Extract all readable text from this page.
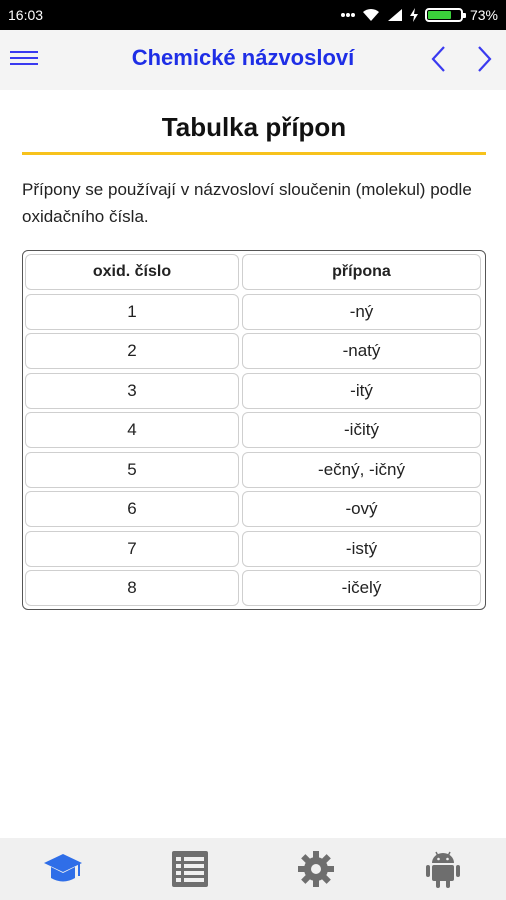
16:03	73%
Chemické názvosloví
Tabulka přípon
Přípony se používají v názvosloví sloučenin (molekul) podle oxidačního čísla.
oxid. číslo	přípona
1	-ný
2	-natý
3	-itý
4	-ičitý
5	-ečný, -ičný
6	-ový
7	-istý
8	-ičelý
